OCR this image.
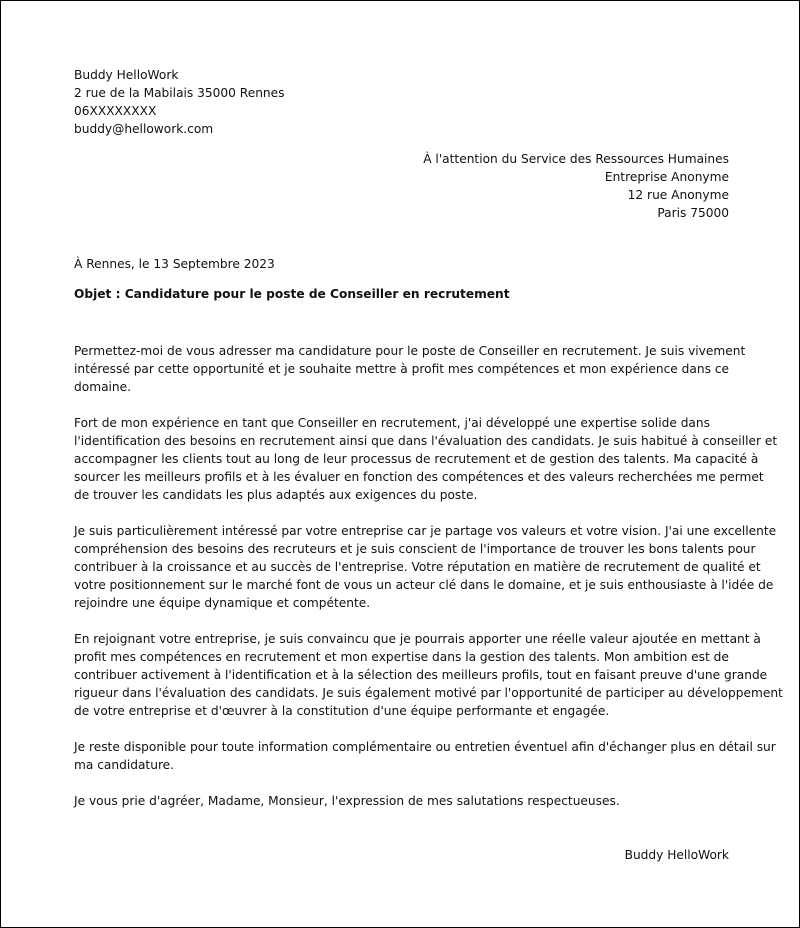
Buddy HelloWork
2 rue de la Mabilais 35000 Rennes
06XXXXXXXX
buddy@hellowork.com
À l'attention du Service des Ressources Humaines
Entreprise Anonyme
12 rue Anonyme
Paris 75000
À Rennes, le 13 Septembre 2023
Objet : Candidature pour le poste de Conseiller en recrutement

Permettez-moi de vous adresser ma candidature pour le poste de Conseiller en recrutement. Je suis vivement
intéressé par cette opportunité et je souhaite mettre à profit mes compétences et mon expérience dans ce
domaine.

Fort de mon expérience en tant que Conseiller en recrutement, j'ai développé une expertise solide dans
l'identification des besoins en recrutement ainsi que dans l'évaluation des candidats. Je suis habitué à conseiller et
accompagner les clients tout au long de leur processus de recrutement et de gestion des talents. Ma capacité à
sourcer les meilleurs profils et à les évaluer en fonction des compétences et des valeurs recherchées me permet
de trouver les candidats les plus adaptés aux exigences du poste.

Je suis particulièrement intéressé par votre entreprise car je partage vos valeurs et votre vision. J'ai une excellente
compréhension des besoins des recruteurs et je suis conscient de l'importance de trouver les bons talents pour
contribuer à la croissance et au succès de l'entreprise. Votre réputation en matière de recrutement de qualité et
votre positionnement sur le marché font de vous un acteur clé dans le domaine, et je suis enthousiaste à l'idée de
rejoindre une équipe dynamique et compétente.

En rejoignant votre entreprise, je suis convaincu que je pourrais apporter une réelle valeur ajoutée en mettant à
profit mes compétences en recrutement et mon expertise dans la gestion des talents. Mon ambition est de
contribuer activement à l'identification et à la sélection des meilleurs profils, tout en faisant preuve d'une grande
rigueur dans l'évaluation des candidats. Je suis également motivé par l'opportunité de participer au développement
de votre entreprise et d'œuvrer à la constitution d'une équipe performante et engagée.

Je reste disponible pour toute information complémentaire ou entretien éventuel afin d'échanger plus en détail sur
ma candidature.

Je vous prie d'agréer, Madame, Monsieur, l'expression de mes salutations respectueuses.

Buddy HelloWork
